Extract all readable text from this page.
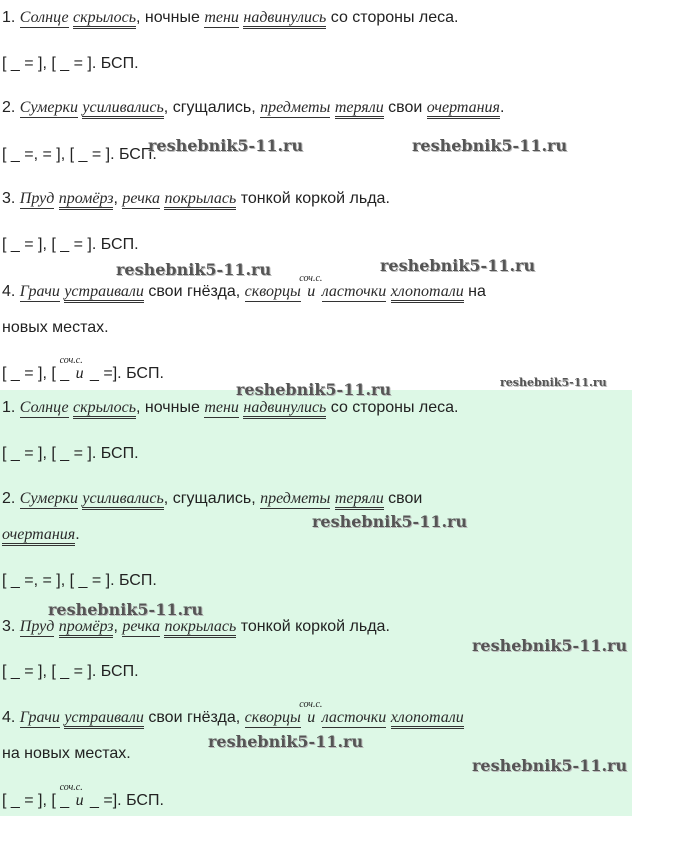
1. Солнце скрылось, ночные тени надвинулись со стороны леса.
[ _ = ], [ _ = ]. БСП.
2. Сумерки усиливались, сгущались, предметы теряли свои очертания.
[ _ =, = ], [ _ = ]. БСП.
3. Пруд промёрз, речка покрылась тонкой коркой льда.
[ _ = ], [ _ = ]. БСП.
4. Грачи устраивали свои гнёзда, скворцы
соч.с.
и ласточки хлопотали на
новых местах.
[ _ = ], [ _
соч.с.
и _ =]. БСП.
1. Солнце скрылось, ночные тени надвинулись со стороны леса.
[ _ = ], [ _ = ]. БСП.
2. Сумерки усиливались, сгущались, предметы теряли свои
очертания.
[ _ =, = ], [ _ = ]. БСП.
3. Пруд промёрз, речка покрылась тонкой коркой льда.
[ _ = ], [ _ = ]. БСП.
4. Грачи устраивали свои гнёзда, скворцы
соч.с.
и ласточки хлопотали
на новых местах.
[ _ = ], [ _
соч.с.
и _ =]. БСП.
reshebnik5-11.ru	reshebnik5-11.ru
reshebnik5-11.ru	reshebnik5-11.ru
reshebnik5-11.ru	reshebnik5-11.ru
reshebnik5-11.ru
reshebnik5-11.ru
reshebnik5-11.ru
reshebnik5-11.ru
reshebnik5-11.ru
